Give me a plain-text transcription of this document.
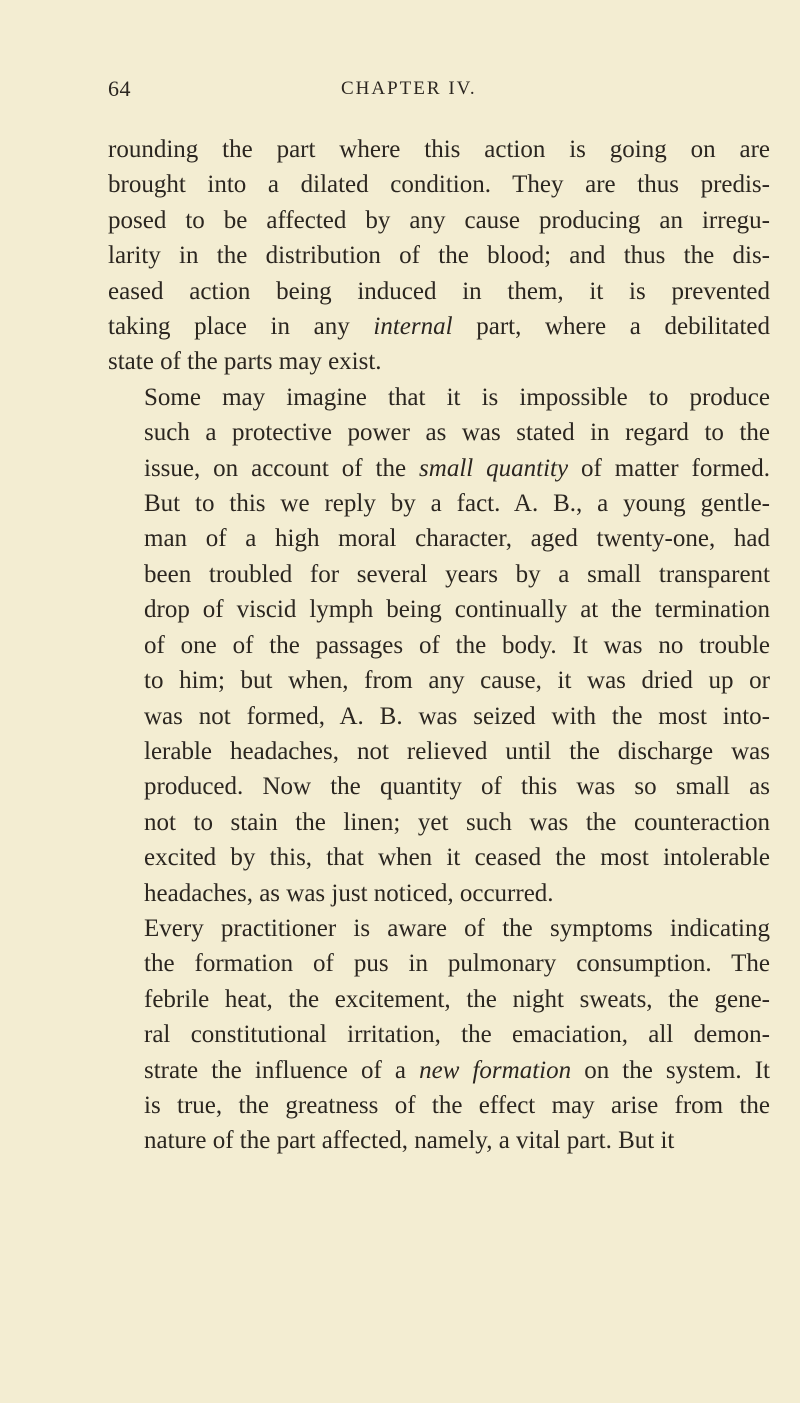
64	CHAPTER IV.

rounding the part where this action is going on are
brought into a dilated condition. They are thus predis-
posed to be affected by any cause producing an irregu-
larity in the distribution of the blood; and thus the dis-
eased action being induced in them, it is prevented
taking place in any internal part, where a debilitated
state of the parts may exist.

Some may imagine that it is impossible to produce
such a protective power as was stated in regard to the
issue, on account of the small quantity of matter formed.
But to this we reply by a fact. A. B., a young gentle-
man of a high moral character, aged twenty-one, had
been troubled for several years by a small transparent
drop of viscid lymph being continually at the termination
of one of the passages of the body. It was no trouble
to him; but when, from any cause, it was dried up or
was not formed, A. B. was seized with the most into-
lerable headaches, not relieved until the discharge was
produced. Now the quantity of this was so small as
not to stain the linen; yet such was the counteraction
excited by this, that when it ceased the most intolerable
headaches, as was just noticed, occurred.

Every practitioner is aware of the symptoms indicating
the formation of pus in pulmonary consumption. The
febrile heat, the excitement, the night sweats, the gene-
ral constitutional irritation, the emaciation, all demon-
strate the influence of a new formation on the system. It
is true, the greatness of the effect may arise from the
nature of the part affected, namely, a vital part. But it
